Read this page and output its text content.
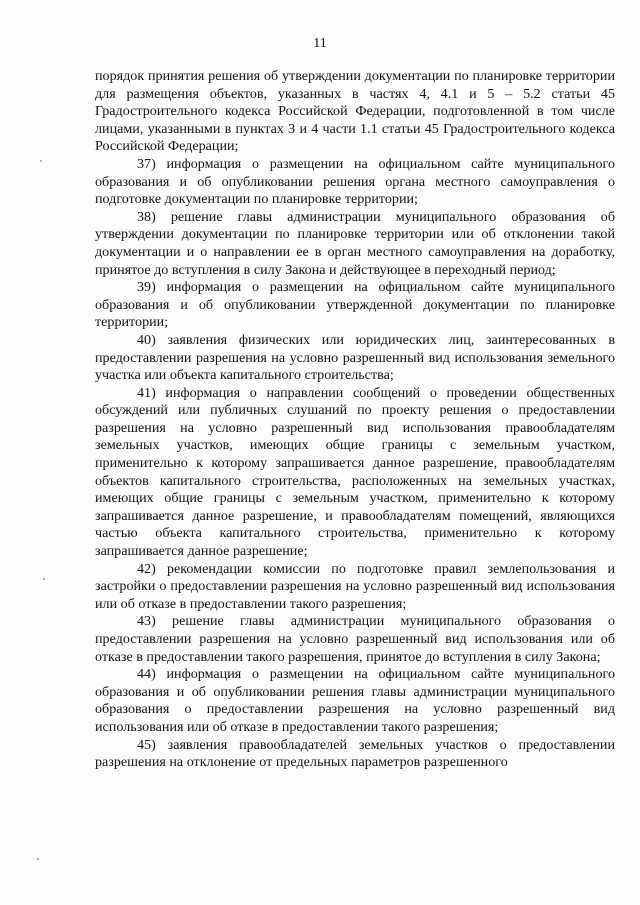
11

порядок принятия решения об утверждении документации по планировке территории для размещения объектов, указанных в частях 4, 4.1 и 5 – 5.2 статьи 45 Градостроительного кодекса Российской Федерации, подготовленной в том числе лицами, указанными в пунктах 3 и 4 части 1.1 статьи 45 Градостроительного кодекса Российской Федерации;

37) информация о размещении на официальном сайте муниципального образования и об опубликовании решения органа местного самоуправления о подготовке документации по планировке территории;

38) решение главы администрации муниципального образования об утверждении документации по планировке территории или об отклонении такой документации и о направлении ее в орган местного самоуправления на доработку, принятое до вступления в силу Закона и действующее в переходный период;

39) информация о размещении на официальном сайте муниципального образования и об опубликовании утвержденной документации по планировке территории;

40) заявления физических или юридических лиц, заинтересованных в предоставлении разрешения на условно разрешенный вид использования земельного участка или объекта капитального строительства;

41) информация о направлении сообщений о проведении общественных обсуждений или публичных слушаний по проекту решения о предоставлении разрешения на условно разрешенный вид использования правообладателям земельных участков, имеющих общие границы с земельным участком, применительно к которому запрашивается данное разрешение, правообладателям объектов капитального строительства, расположенных на земельных участках, имеющих общие границы с земельным участком, применительно к которому запрашивается данное разрешение, и правообладателям помещений, являющихся частью объекта капитального строительства, применительно к которому запрашивается данное разрешение;

42) рекомендации комиссии по подготовке правил землепользования и застройки о предоставлении разрешения на условно разрешенный вид использования или об отказе в предоставлении такого разрешения;

43) решение главы администрации муниципального образования о предоставлении разрешения на условно разрешенный вид использования или об отказе в предоставлении такого разрешения, принятое до вступления в силу Закона;

44) информация о размещении на официальном сайте муниципального образования и об опубликовании решения главы администрации муниципального образования о предоставлении разрешения на условно разрешенный вид использования или об отказе в предоставлении такого разрешения;

45) заявления правообладателей земельных участков о предоставлении разрешения на отклонение от предельных параметров разрешенного
